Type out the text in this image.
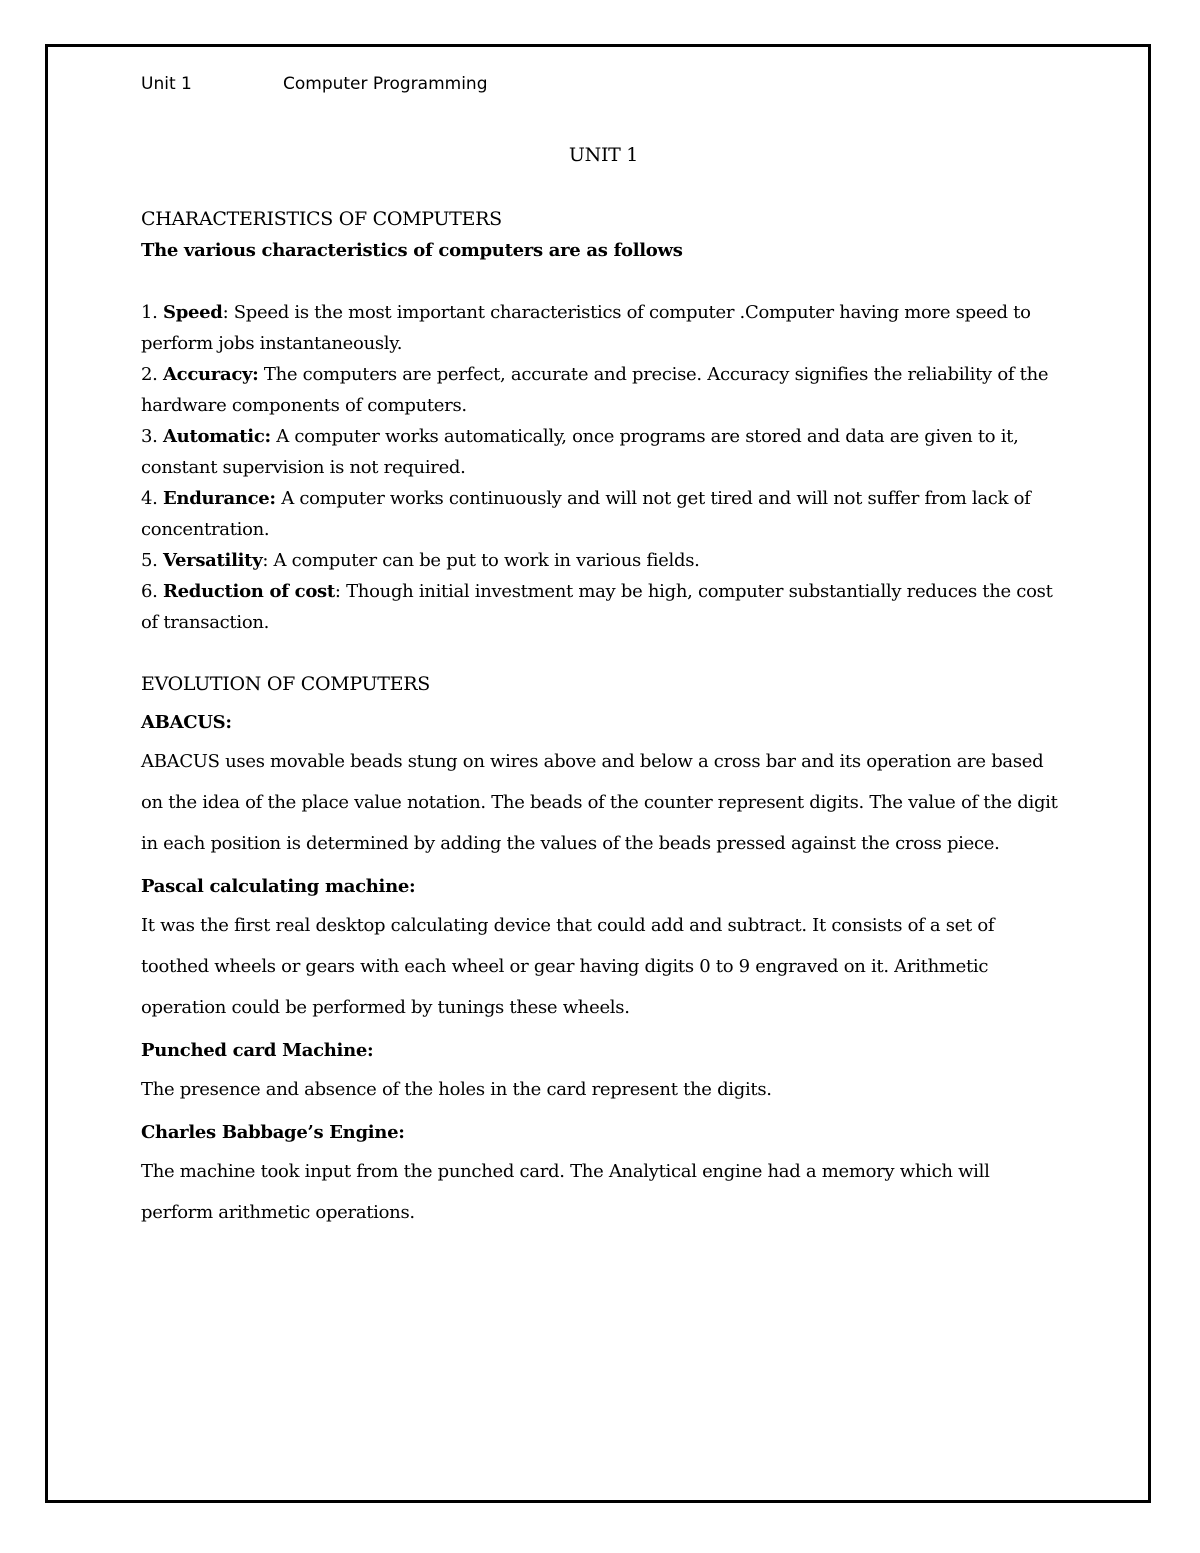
Unit 1	Computer Programming
UNIT 1
CHARACTERISTICS OF COMPUTERS
The various characteristics of computers are as follows
1. Speed: Speed is the most important characteristics of computer .Computer having more speed to perform jobs instantaneously.
2. Accuracy: The computers are perfect, accurate and precise. Accuracy signifies the reliability of the hardware components of computers.
3. Automatic: A computer works automatically, once programs are stored and data are given to it, constant supervision is not required.
4. Endurance: A computer works continuously and will not get tired and will not suffer from lack of concentration.
5. Versatility: A computer can be put to work in various fields.
6. Reduction of cost: Though initial investment may be high, computer substantially reduces the cost of transaction.
EVOLUTION OF COMPUTERS
ABACUS:
ABACUS uses movable beads stung on wires above and below a cross bar and its operation are based on the idea of the place value notation. The beads of the counter represent digits. The value of the digit in each position is determined by adding the values of the beads pressed against the cross piece.
Pascal calculating machine:
It was the first real desktop calculating device that could add and subtract. It consists of a set of toothed wheels or gears with each wheel or gear having digits 0 to 9 engraved on it. Arithmetic operation could be performed by tunings these wheels.
Punched card Machine:
The presence and absence of the holes in the card represent the digits.
Charles Babbage’s Engine:
The machine took input from the punched card. The Analytical engine had a memory which will perform arithmetic operations.
